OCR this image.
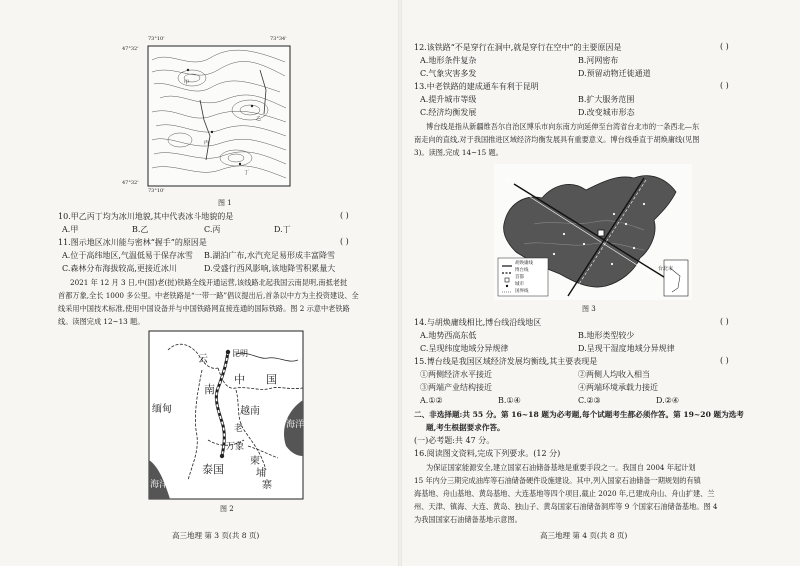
甲
乙
丙
丁
47°32'
73°10'	73°34'
47°32'
73°10'
图 1
10.甲乙丙丁均为冰川地貌,其中代表冰斗地貌的是	( )
A.甲	B.乙	C.丙	D.丁
11.图示地区冰川能与密林“握手”的原因是	( )
A.位于高纬地区,气温低易于保存冰雪 B.湖泊广布,水汽充足易形成丰富降雪
C.森林分布海拔较高,更接近冰川	D.受盛行西风影响,该地降雪积累量大
2021 年 12 月 3 日,中(国)老(挝)铁路全线开通运营,该线路北起我国云南昆明,南抵老挝
首都万象,全长 1000 多公里。中老铁路是“一带一路”倡议提出后,首条以中方为主投资建设、全
线采用中国技术标准,使用中国设备并与中国铁路网直接连通的国际铁路。图 2 示意中老铁路
线。读图完成 12~13 题。
云
昆明
中 国
南
缅甸	越南
老
万象
泰国
柬
埔
寨
海洋
海洋
图 2
高三地理 第 3 页(共 8 页)
12.该铁路“不是穿行在洞中,就是穿行在空中”的主要原因是	( )
A.地形条件复杂	B.河网密布
C.气象灾害多发	D.预留动物迁徙通道
13.中老铁路的建成通车有利于昆明	( )
A.提升城市等级	B.扩大服务范围
C.经济均衡发展	D.改变城市形态
博台线是指从新疆维吾尔自治区博乐市向东南方向延伸至台湾省台北市的一条西北—东
南走向的直线,对于我国推进区域经济均衡发展具有重要意义。博台线垂直于胡焕庸线(见图
3)。读图,完成 14~15 题。
博乐市
台北市
胡焕庸线
博台线
首都
城市
国界线
图 3
14.与胡焕庸线相比,博台线沿线地区	( )
A.地势西高东低	B.地形类型较少
C.呈现纬度地域分异规律	D.呈现干湿度地域分异规律
15.博台线是我国区域经济发展均衡线,其主要表现是	( )
①两侧经济水平接近	②两侧人均收入相当
③两端产业结构接近	④两端环境承载力接近
A.①②	B.①④	C.②③	D.②④
二、非选择题:共 55 分。第 16~18 题为必考题,每个试题考生都必须作答。第 19~20 题为选考
题,考生根据要求作答。
(一)必考题:共 47 分。
16.阅读图文资料,完成下列要求。(12 分)
为保证国家能源安全,建立国家石油储备基地是重要手段之一。我国自 2004 年起计划
15 年内分三期完成油库等石油储备硬件设施建设。其中,列入国家石油储备一期规划的有镇
海基地、舟山基地、黄岛基地、大连基地等四个项目,截止 2020 年,已建成舟山、舟山扩建、兰
州、天津、镇海、大连、黄岛、独山子、黄岛国家石油储备洞库等 9 个国家石油储备基地。图 4
为我国国家石油储备基地示意图。
高三地理 第 4 页(共 8 页)
